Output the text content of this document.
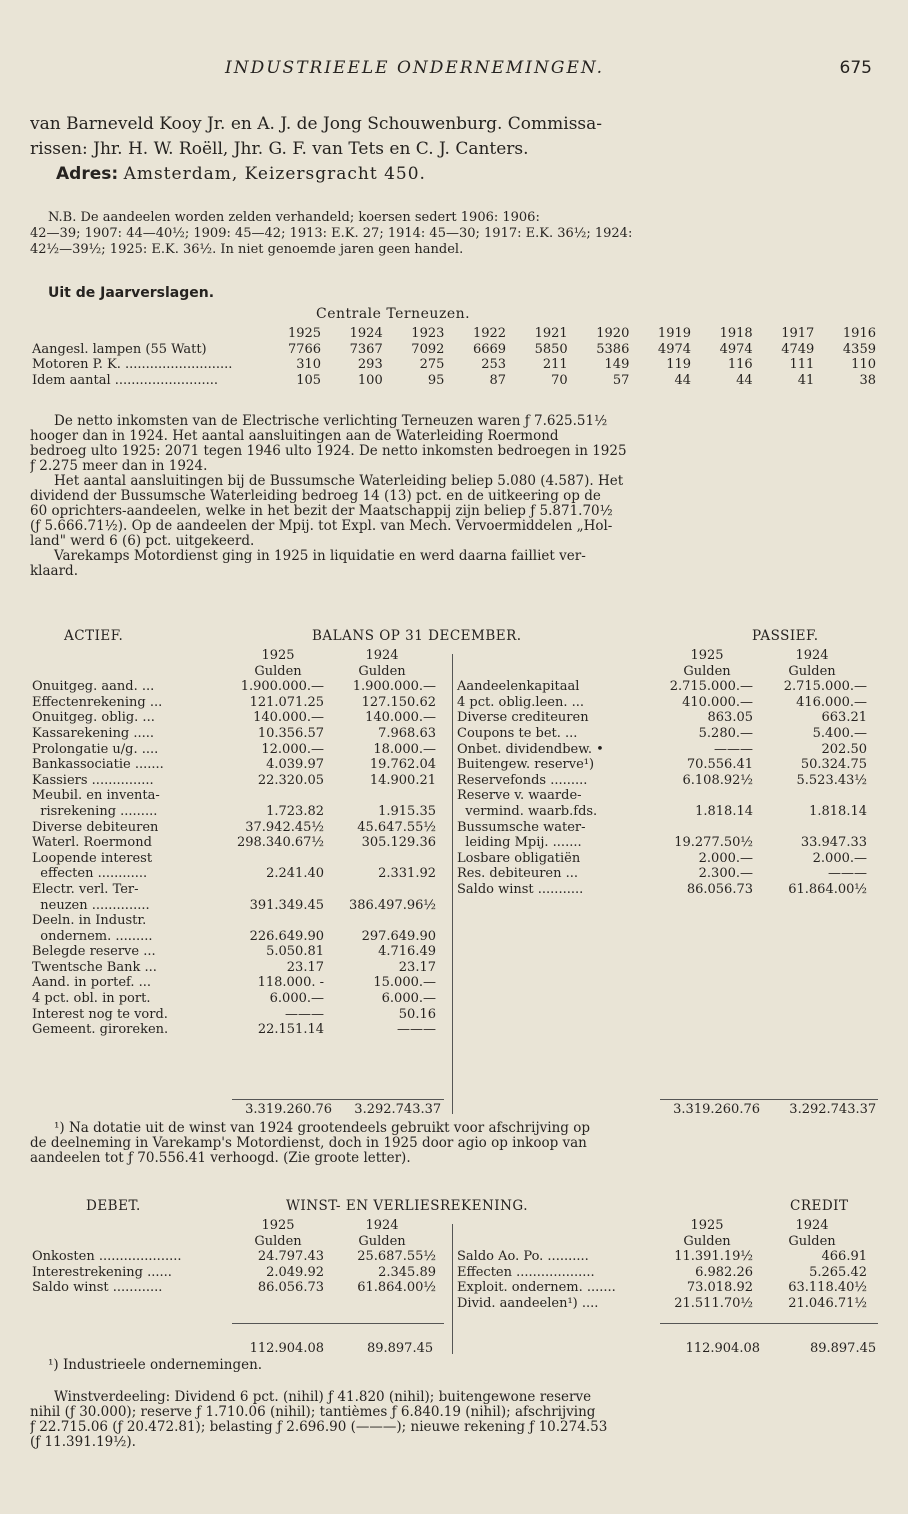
INDUSTRIEELE ONDERNEMINGEN.	675
van Barneveld Kooy Jr. en A. J. de Jong Schouwenburg. Commissa-
rissen: Jhr. H. W. Roëll, Jhr. G. F. van Tets en C. J. Canters.
Adres: Amsterdam, Keizersgracht 450.
N.B. De aandeelen worden zelden verhandeld; koersen sedert 1906: 1906:
42—39; 1907: 44—40½; 1909: 45—42; 1913: E.K. 27; 1914: 45—30; 1917: E.K. 36½; 1924:
42½—39½; 1925: E.K. 36½. In niet genoemde jaren geen handel.
Uit de Jaarverslagen.
Centrale Terneuzen.
	1925	1924	1923	1922	1921	1920	1919	1918	1917	1916
Aangesl. lampen (55 Watt)	7766	7367	7092	6669	5850	5386	4974	4974	4749	4359
Motoren P. K. ..........................	310	293	275	253	211	149	119	116	111	110
Idem aantal .........................	105	100	95	87	70	57	44	44	41	38
De netto inkomsten van de Electrische verlichting Terneuzen waren ƒ 7.625.51½
hooger dan in 1924. Het aantal aansluitingen aan de Waterleiding Roermond
bedroeg ulto 1925: 2071 tegen 1946 ulto 1924. De netto inkomsten bedroegen in 1925
ƒ 2.275 meer dan in 1924.
Het aantal aansluitingen bij de Bussumsche Waterleiding beliep 5.080 (4.587). Het
dividend der Bussumsche Waterleiding bedroeg 14 (13) pct. en de uitkeering op de
60 oprichters-aandeelen, welke in het bezit der Maatschappij zijn beliep ƒ 5.871.70½
(ƒ 5.666.71½). Op de aandeelen der Mpij. tot Expl. van Mech. Vervoermiddelen „Hol-
land" werd 6 (6) pct. uitgekeerd.
Varekamps Motordienst ging in 1925 in liquidatie en werd daarna failliet ver-
klaard.
ACTIEF.	BALANS OP 31 DECEMBER.	PASSIEF.
	1925	1924
	Gulden	Gulden
Onuitgeg. aand. ...	1.900.000.—	1.900.000.—
Effectenrekening ...	121.071.25	127.150.62
Onuitgeg. oblig. ...	140.000.—	140.000.—
Kassarekening .....	10.356.57	7.968.63
Prolongatie u/g. ....	12.000.—	18.000.—
Bankassociatie .......	4.039.97	19.762.04
Kassiers ...............	22.320.05	14.900.21
Meubil. en inventa-		
risrekening .........	1.723.82	1.915.35
Diverse debiteuren	37.942.45½	45.647.55½
Waterl. Roermond	298.340.67½	305.129.36
Loopende interest		
effecten ............	2.241.40	2.331.92
Electr. verl. Ter-		
neuzen ..............	391.349.45	386.497.96½
Deeln. in Industr.		
ondernem. .........	226.649.90	297.649.90
Belegde reserve ...	5.050.81	4.716.49
Twentsche Bank ...	23.17	23.17
Aand. in portef. ...	118.000. -	15.000.—
4 pct. obl. in port.	6.000.—	6.000.—
Interest nog te vord.	———	50.16
Gemeent. giroreken.	22.151.14	———
	1925	1924
	Gulden	Gulden
Aandeelenkapitaal	2.715.000.—	2.715.000.—
4 pct. oblig.leen. ...	410.000.—	416.000.—
Diverse crediteuren	863.05	663.21
Coupons te bet. ...	5.280.—	5.400.—
Onbet. dividendbew. •	———	202.50
Buitengew. reserve¹)	70.556.41	50.324.75
Reservefonds .........	6.108.92½	5.523.43½
Reserve v. waarde-		
vermind. waarb.fds.	1.818.14	1.818.14
Bussumsche water-		
leiding Mpij. .......	19.277.50½	33.947.33
Losbare obligatiën	2.000.—	2.000.—
Res. debiteuren ...	2.300.—	———
Saldo winst ...........	86.056.73	61.864.00½
3.319.260.76 3.292.743.37	3.319.260.76 3.292.743.37
¹) Na dotatie uit de winst van 1924 grootendeels gebruikt voor afschrijving op
de deelneming in Varekamp's Motordienst, doch in 1925 door agio op inkoop van
aandeelen tot ƒ 70.556.41 verhoogd. (Zie groote letter).
DEBET.	WINST- EN VERLIESREKENING.	CREDIT
	1925	1924
	Gulden	Gulden
Onkosten ....................	24.797.43	25.687.55½
Interestrekening ......	2.049.92	2.345.89
Saldo winst ............	86.056.73	61.864.00½
	1925	1924
	Gulden	Gulden
Saldo Ao. Po. ..........	11.391.19½	466.91
Effecten ...................	6.982.26	5.265.42
Exploit. ondernem. .......	73.018.92	63.118.40½
Divid. aandeelen¹) ....	21.511.70½	21.046.71½
112.904.08	89.897.45	112.904.08	89.897.45
¹) Industrieele ondernemingen.
Winstverdeeling: Dividend 6 pct. (nihil) ƒ 41.820 (nihil); buitengewone reserve
nihil (ƒ 30.000); reserve ƒ 1.710.06 (nihil); tantièmes ƒ 6.840.19 (nihil); afschrijving
ƒ 22.715.06 (ƒ 20.472.81); belasting ƒ 2.696.90 (———); nieuwe rekening ƒ 10.274.53
(ƒ 11.391.19½).
